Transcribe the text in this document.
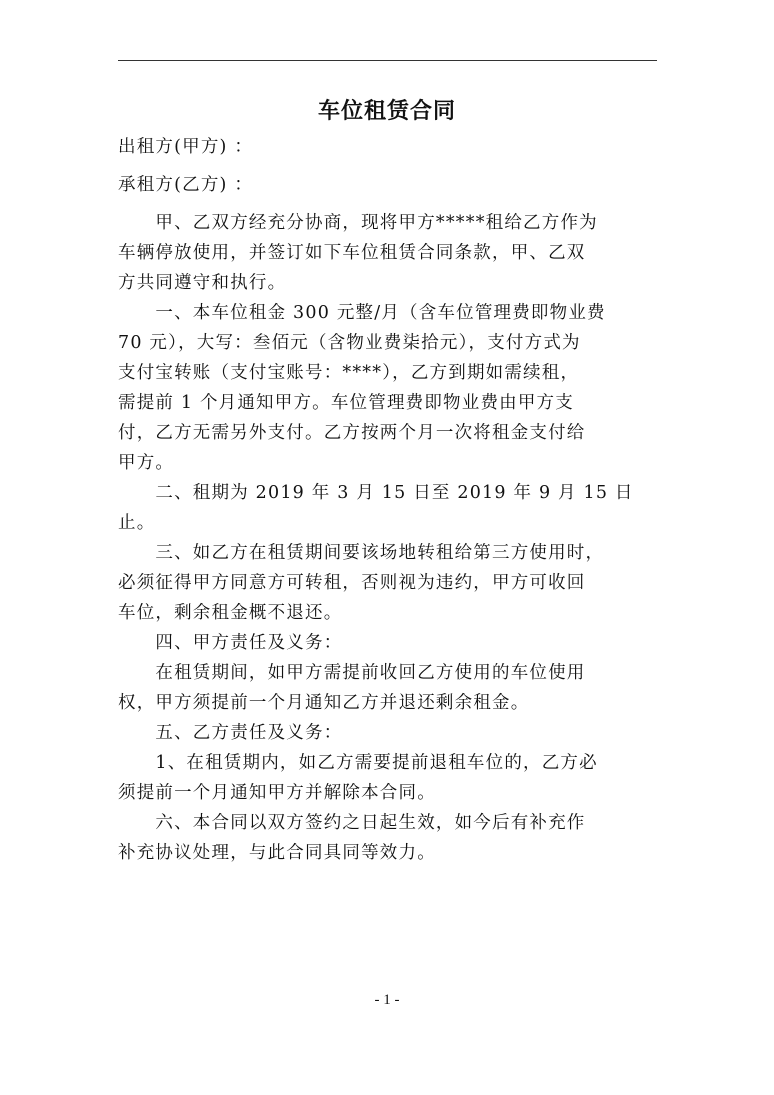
车位租赁合同
出租方(甲方) ：
承租方(乙方) ：
　　甲、乙双方经充分协商，现将甲方*****租给乙方作为
车辆停放使用，并签订如下车位租赁合同条款，甲、乙双
方共同遵守和执行。
　　一、本车位租金 300 元整/月（含车位管理费即物业费
70 元），大写：叁佰元（含物业费柒拾元），支付方式为
支付宝转账（支付宝账号：****），乙方到期如需续租，
需提前 1 个月通知甲方。车位管理费即物业费由甲方支
付，乙方无需另外支付。乙方按两个月一次将租金支付给
甲方。
　　二、租期为 2019 年 3 月 15 日至 2019 年 9 月 15 日
止。
　　三、如乙方在租赁期间要该场地转租给第三方使用时，
必须征得甲方同意方可转租，否则视为违约，甲方可收回
车位，剩余租金概不退还。
　　四、甲方责任及义务：
　　在租赁期间，如甲方需提前收回乙方使用的车位使用
权，甲方须提前一个月通知乙方并退还剩余租金。
　　五、乙方责任及义务：
　　1、在租赁期内，如乙方需要提前退租车位的，乙方必
须提前一个月通知甲方并解除本合同。
　　六、本合同以双方签约之日起生效，如今后有补充作
补充协议处理，与此合同具同等效力。
- 1 -
